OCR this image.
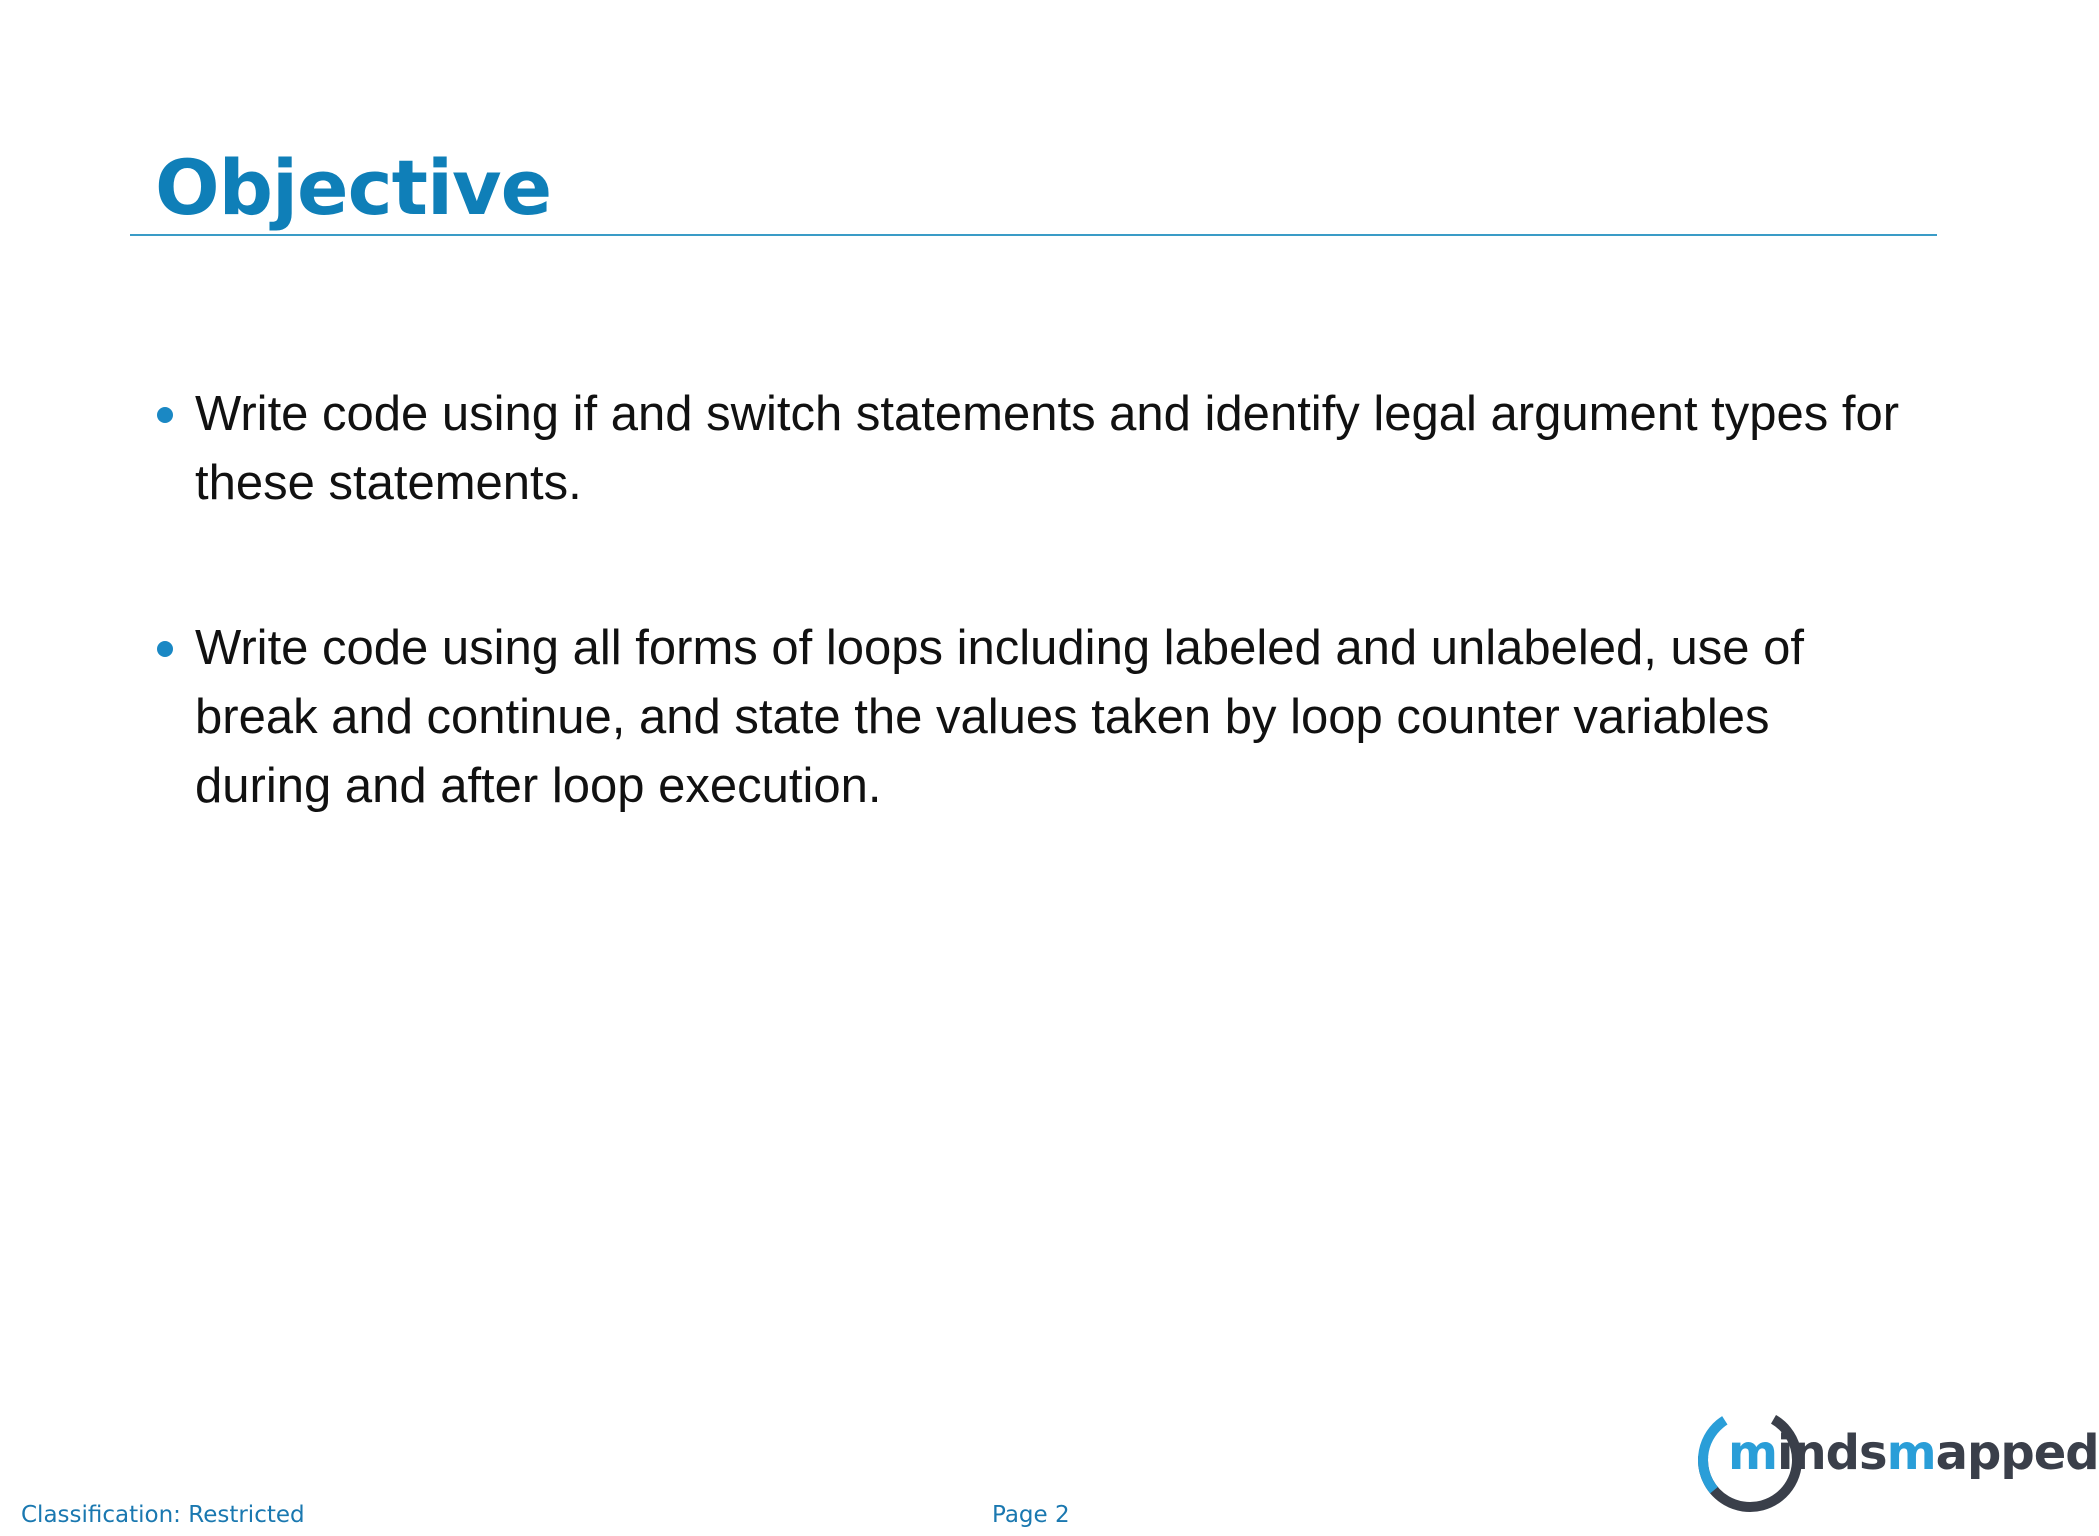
Objective
Write code using if and switch statements and identify legal argument types for these statements.
Write code using all forms of loops including labeled and unlabeled, use of break and continue, and state the values taken by loop counter variables during and after loop execution.
Classification: Restricted	Page 2
mindsmapped
